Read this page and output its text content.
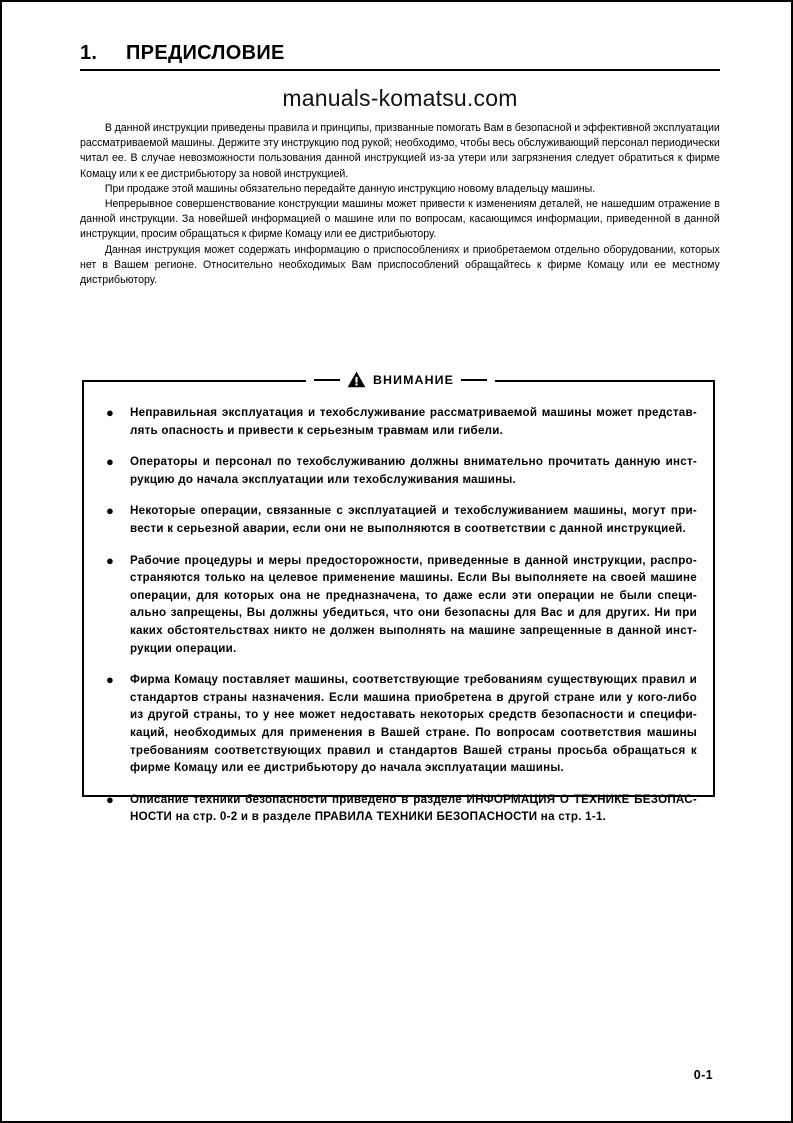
1.	ПРЕДИСЛОВИЕ
manuals-komatsu.com

В данной инструкции приведены правила и принципы, призванные помогать Вам в безопасной и эффективной эксплуатации рассматриваемой машины. Держите эту инструкцию под рукой; необходимо, чтобы весь обслуживающий персонал периодически читал ее. В случае невозможности пользования данной инструкцией из-за утери или загрязнения следует обратиться к фирме Комацу или к ее дистрибьютору за новой инструкцией.

При продаже этой машины обязательно передайте данную инструкцию новому владельцу машины.

Непрерывное совершенствование конструкции машины может привести к изменениям деталей, не нашедшим отражение в данной инструкции. За новейшей информацией о машине или по вопросам, касающимся информации, приведенной в данной инструкции, просим обращаться к фирме Комацу или ее дистрибьютору.

Данная инструкция может содержать информацию о приспособлениях и приобретаемом отдельно оборудовании, которых нет в Вашем регионе. Относительно необходимых Вам приспособлений обращайтесь к фирме Комацу или ее местному дистрибьютору.

ВНИМАНИЕ
●	Неправильная эксплуатация и техобслуживание рассматриваемой машины может представ-
лять опасность и привести к серьезным травмам или гибели.
●	Операторы и персонал по техобслуживанию должны внимательно прочитать данную инст-
рукцию до начала эксплуатации или техобслуживания машины.
●	Некоторые операции, связанные с эксплуатацией и техобслуживанием машины, могут при-
вести к серьезной аварии, если они не выполняются в соответствии с данной инструкцией.
●	Рабочие процедуры и меры предосторожности, приведенные в данной инструкции, распро-
страняются только на целевое применение машины. Если Вы выполняете на своей машине
операции, для которых она не предназначена, то даже если эти операции не были специ-
ально запрещены, Вы должны убедиться, что они безопасны для Вас и для других. Ни при
каких обстоятельствах никто не должен выполнять на машине запрещенные в данной инст-
рукции операции.
●	Фирма Комацу поставляет машины, соответствующие требованиям существующих правил и
стандартов страны назначения. Если машина приобретена в другой стране или у кого-либо
из другой страны, то у нее может недоставать некоторых средств безопасности и специфи-
каций, необходимых для применения в Вашей стране. По вопросам соответствия машины
требованиям соответствующих правил и стандартов Вашей страны просьба обращаться к
фирме Комацу или ее дистрибьютору до начала эксплуатации машины.
●	Описание техники безопасности приведено в разделе ИНФОРМАЦИЯ О ТЕХНИКЕ БЕЗОПАС-
НОСТИ на стр. 0-2 и в разделе ПРАВИЛА ТЕХНИКИ БЕЗОПАСНОСТИ на стр. 1-1.
0-1
